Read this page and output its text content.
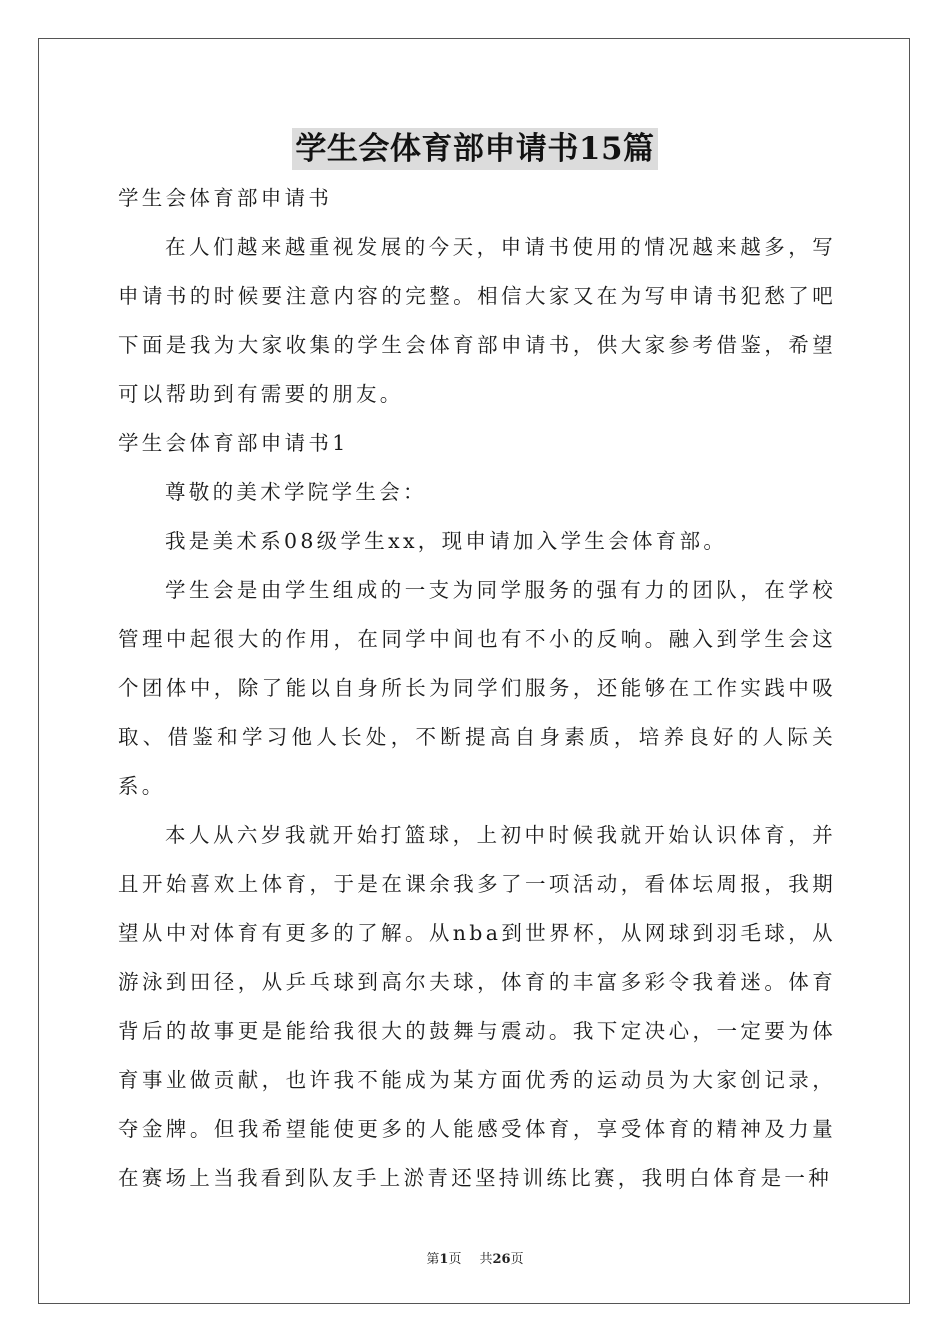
学生会体育部申请书15篇

学生会体育部申请书

在人们越来越重视发展的今天，申请书使用的情况越来越多，写申请书的时候要注意内容的完整。相信大家又在为写申请书犯愁了吧下面是我为大家收集的学生会体育部申请书，供大家参考借鉴，希望可以帮助到有需要的朋友。

学生会体育部申请书1

尊敬的美术学院学生会：

我是美术系08级学生xx，现申请加入学生会体育部。

学生会是由学生组成的一支为同学服务的强有力的团队，在学校管理中起很大的作用，在同学中间也有不小的反响。融入到学生会这个团体中，除了能以自身所长为同学们服务，还能够在工作实践中吸取、借鉴和学习他人长处，不断提高自身素质，培养良好的人际关系。

本人从六岁我就开始打篮球，上初中时候我就开始认识体育，并且开始喜欢上体育，于是在课余我多了一项活动，看体坛周报，我期望从中对体育有更多的了解。从nba到世界杯，从网球到羽毛球，从游泳到田径，从乒乓球到高尔夫球，体育的丰富多彩令我着迷。体育背后的故事更是能给我很大的鼓舞与震动。我下定决心，一定要为体育事业做贡献，也许我不能成为某方面优秀的运动员为大家创记录，夺金牌。但我希望能使更多的人能感受体育，享受体育的精神及力量在赛场上当我看到队友手上淤青还坚持训练比赛，我明白体育是一种

第1页 共26页
